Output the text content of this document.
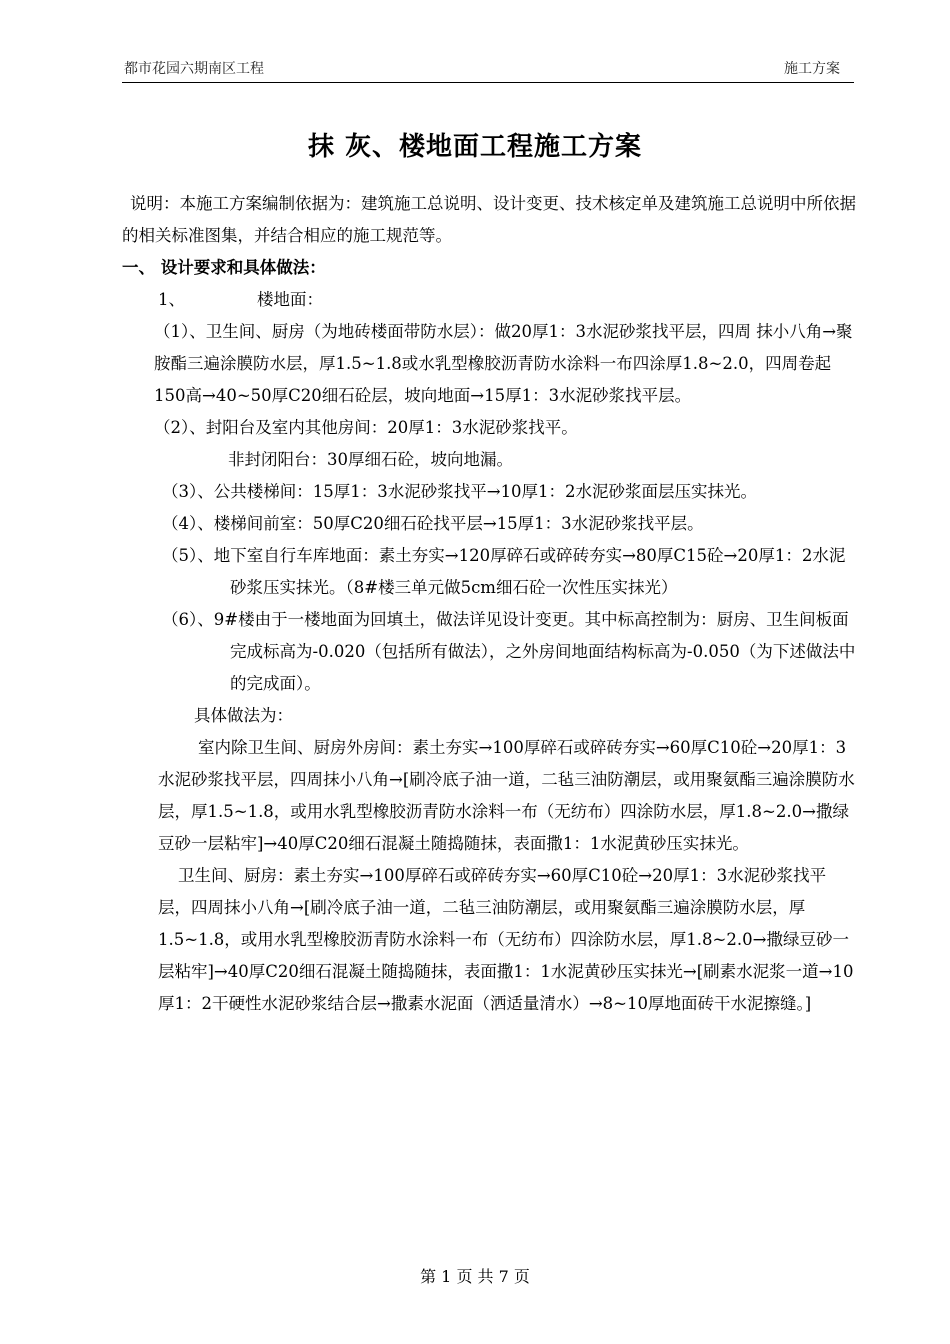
都市花园六期南区工程	施工方案
抹 灰、楼地面工程施工方案

说明：本施工方案编制依据为：建筑施工总说明、设计变更、技术核定单及建筑施工总说明中所依据的相关标准图集，并结合相应的施工规范等。

一、 设计要求和具体做法：

1、	楼地面：

（1）、卫生间、厨房（为地砖楼面带防水层）：做20厚1：3水泥砂浆找平层，四周 抹小八角→聚胺酯三遍涂膜防水层，厚1.5~1.8或水乳型橡胶沥青防水涂料一布四涂厚1.8~2.0，四周卷起150高→40~50厚C20细石砼层，坡向地面→15厚1：3水泥砂浆找平层。

（2）、封阳台及室内其他房间：20厚1：3水泥砂浆找平。

非封闭阳台：30厚细石砼，坡向地漏。

（3）、公共楼梯间：15厚1：3水泥砂浆找平→10厚1：2水泥砂浆面层压实抹光。

（4）、楼梯间前室：50厚C20细石砼找平层→15厚1：3水泥砂浆找平层。

（5）、地下室自行车库地面：素土夯实→120厚碎石或碎砖夯实→80厚C15砼→20厚1：2水泥砂浆压实抹光。（8#楼三单元做5cm细石砼一次性压实抹光）

（6）、9#楼由于一楼地面为回填土，做法详见设计变更。其中标高控制为：厨房、卫生间板面完成标高为-0.020（包括所有做法），之外房间地面结构标高为-0.050（为下述做法中的完成面）。

具体做法为：

室内除卫生间、厨房外房间：素土夯实→100厚碎石或碎砖夯实→60厚C10砼→20厚1：3水泥砂浆找平层，四周抹小八角→[刷冷底子油一道，二毡三油防潮层，或用聚氨酯三遍涂膜防水层，厚1.5~1.8，或用水乳型橡胶沥青防水涂料一布（无纺布）四涂防水层，厚1.8~2.0→撒绿豆砂一层粘牢]→40厚C20细石混凝土随捣随抹，表面撒1：1水泥黄砂压实抹光。

卫生间、厨房：素土夯实→100厚碎石或碎砖夯实→60厚C10砼→20厚1：3水泥砂浆找平层，四周抹小八角→[刷冷底子油一道，二毡三油防潮层，或用聚氨酯三遍涂膜防水层，厚1.5~1.8，或用水乳型橡胶沥青防水涂料一布（无纺布）四涂防水层，厚1.8~2.0→撒绿豆砂一层粘牢]→40厚C20细石混凝土随捣随抹，表面撒1：1水泥黄砂压实抹光→[刷素水泥浆一道→10厚1：2干硬性水泥砂浆结合层→撒素水泥面（洒适量清水）→8~10厚地面砖干水泥擦缝。]

第 1 页 共 7 页
